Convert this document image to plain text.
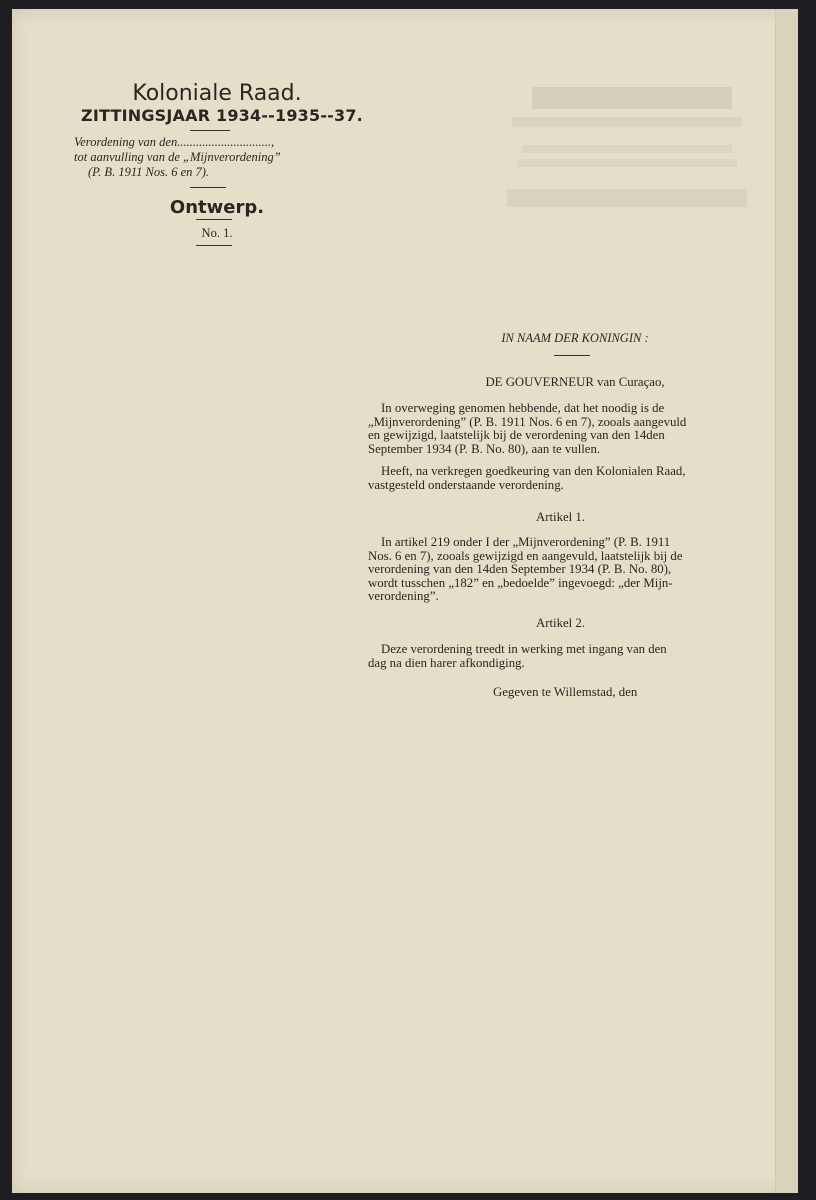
Koloniale Raad.
ZITTINGSJAAR 1934--1935--37.
Verordening van den..............................,
tot aanvulling van de „Mijnverordening”
(P. B. 1911 Nos. 6 en 7).
Ontwerp.
No. 1.
IN NAAM DER KONINGIN :
DE GOUVERNEUR van Curaçao,
In overweging genomen hebbende, dat het noodig is de
„Mijnverordening” (P. B. 1911 Nos. 6 en 7), zooals aangevuld
en gewijzigd, laatstelijk bij de verordening van den 14den
September 1934 (P. B. No. 80), aan te vullen.
Heeft, na verkregen goedkeuring van den Kolonialen Raad,
vastgesteld onderstaande verordening.
Artikel 1.
In artikel 219 onder I der „Mijnverordening” (P. B. 1911
Nos. 6 en 7), zooals gewijzigd en aangevuld, laatstelijk bij de
verordening van den 14den September 1934 (P. B. No. 80),
wordt tusschen „182” en „bedoelde” ingevoegd: „der Mijn-
verordening”.
Artikel 2.
Deze verordening treedt in werking met ingang van den
dag na dien harer afkondiging.
Gegeven te Willemstad, den
